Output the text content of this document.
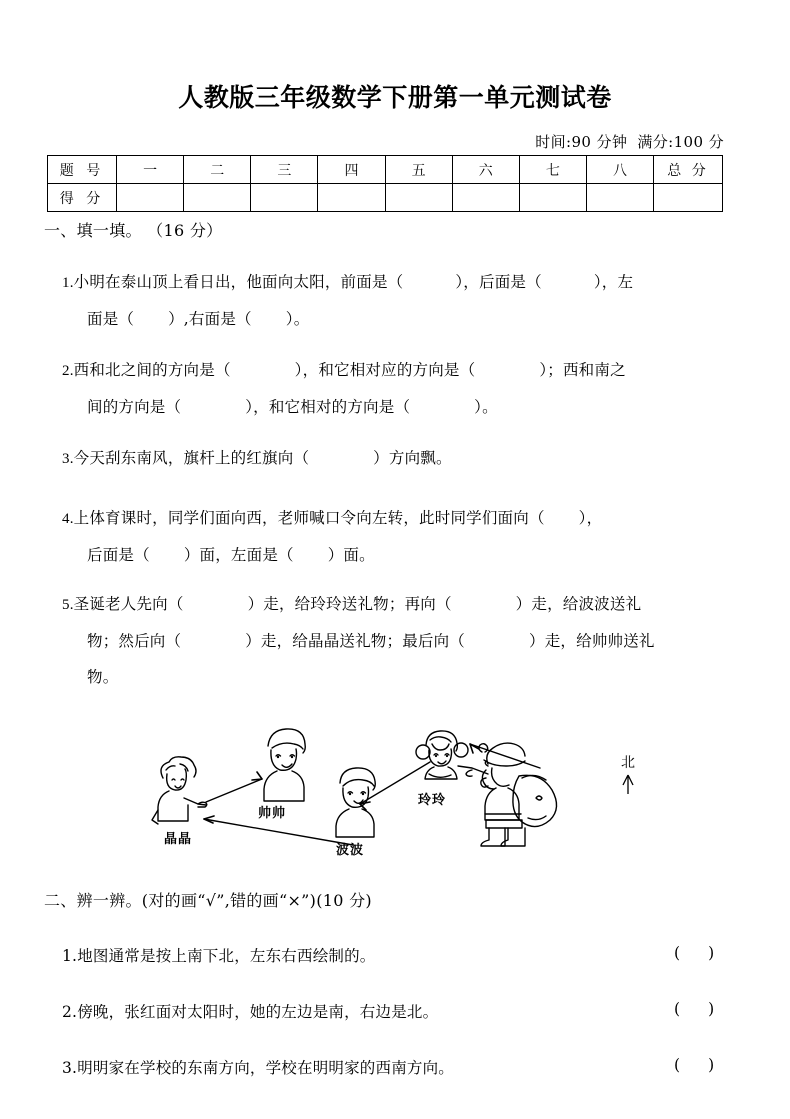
人教版三年级数学下册第一单元测试卷
时间:90 分钟 满分:100 分
题 号	一	二	三	四	五	六	七	八	总 分
得 分									
一、填一填。 （16 分）
1.小明在泰山顶上看日出，他面向太阳，前面是（	），后面是（	），左
面是（ ）,右面是（ ）。
2.西和北之间的方向是（	），和它相对应的方向是（	）；西和南之
间的方向是（	），和它相对的方向是（	）。
3.今天刮东南风，旗杆上的红旗向（	）方向飘。
4.上体育课时，同学们面向西，老师喊口令向左转，此时同学们面向（ ），
后面是（ ）面，左面是（ ）面。
5.圣诞老人先向（	）走，给玲玲送礼物；再向（	）走，给波波送礼
物；然后向（	）走，给晶晶送礼物；最后向（	）走，给帅帅送礼
物。
晶晶
帅帅
波波
玲玲
北
二、辨一辨。(对的画“√”,错的画“×”)(10 分)
1.地图通常是按上南下北，左东右西绘制的。	( )
2.傍晚，张红面对太阳时，她的左边是南，右边是北。	( )
3.明明家在学校的东南方向，学校在明明家的西南方向。	( )
